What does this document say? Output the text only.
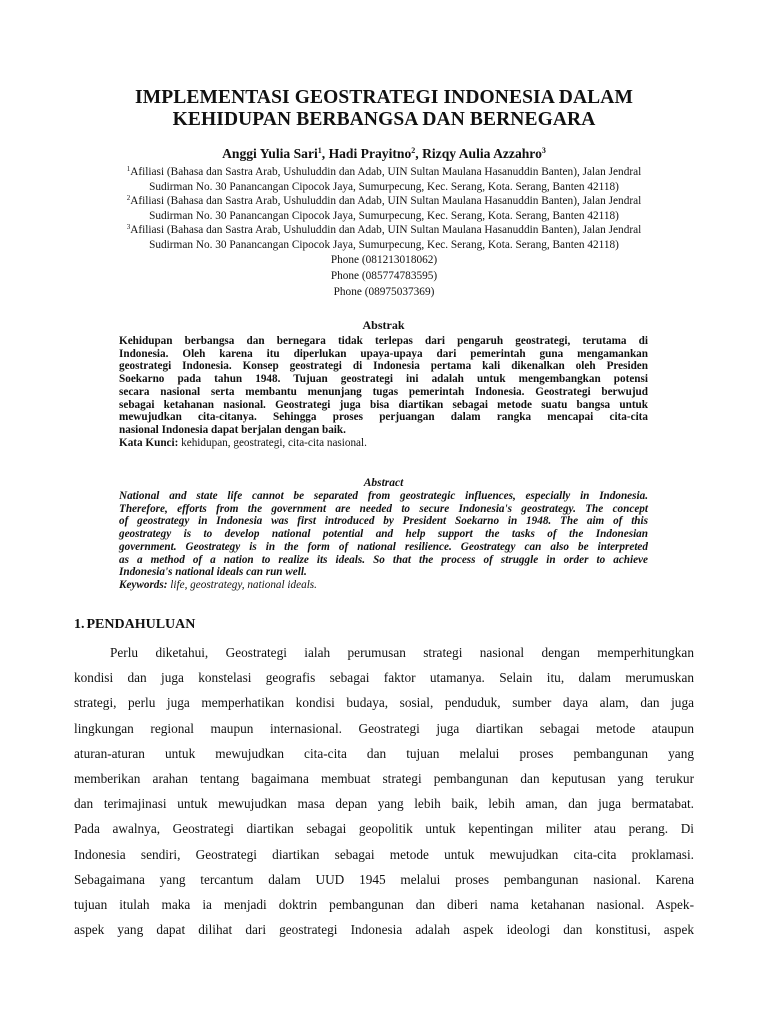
IMPLEMENTASI GEOSTRATEGI INDONESIA DALAM
KEHIDUPAN BERBANGSA DAN BERNEGARA
Anggi Yulia Sari$^1$, Hadi Prayitno$^2$, Rizqy Aulia Azzahro$^3$
$^1$Afiliasi (Bahasa dan Sastra Arab, Ushuluddin dan Adab, UIN Sultan Maulana Hasanuddin Banten), Jalan Jendral
Sudirman No. 30 Panancangan Cipocok Jaya, Sumurpecung, Kec. Serang, Kota. Serang, Banten 42118)
$^2$Afiliasi (Bahasa dan Sastra Arab, Ushuluddin dan Adab, UIN Sultan Maulana Hasanuddin Banten), Jalan Jendral
Sudirman No. 30 Panancangan Cipocok Jaya, Sumurpecung, Kec. Serang, Kota. Serang, Banten 42118)
$^3$Afiliasi (Bahasa dan Sastra Arab, Ushuluddin dan Adab, UIN Sultan Maulana Hasanuddin Banten), Jalan Jendral
Sudirman No. 30 Panancangan Cipocok Jaya, Sumurpecung, Kec. Serang, Kota. Serang, Banten 42118)
Phone (081213018062)
Phone (085774783595)
Phone (08975037369)
Abstrak
Kehidupan berbangsa dan bernegara tidak terlepas dari pengaruh geostrategi, terutama di
Indonesia. Oleh karena itu diperlukan upaya-upaya dari pemerintah guna mengamankan
geostrategi Indonesia. Konsep geostrategi di Indonesia pertama kali dikenalkan oleh Presiden
Soekarno pada tahun 1948. Tujuan geostrategi ini adalah untuk mengembangkan potensi
secara nasional serta membantu menunjang tugas pemerintah Indonesia. Geostrategi berwujud
sebagai ketahanan nasional. Geostrategi juga bisa diartikan sebagai metode suatu bangsa untuk
mewujudkan cita-citanya. Sehingga proses perjuangan dalam rangka mencapai cita-cita
nasional Indonesia dapat berjalan dengan baik.
Kata Kunci: kehidupan, geostrategi, cita-cita nasional.
Abstract
National and state life cannot be separated from geostrategic influences, especially in Indonesia.
Therefore, efforts from the government are needed to secure Indonesia's geostrategy. The concept
of geostrategy in Indonesia was first introduced by President Soekarno in 1948. The aim of this
geostrategy is to develop national potential and help support the tasks of the Indonesian
government. Geostrategy is in the form of national resilience. Geostrategy can also be interpreted
as a method of a nation to realize its ideals. So that the process of struggle in order to achieve
Indonesia's national ideals can run well.
Keywords: life, geostrategy, national ideals.
1. PENDAHULUAN
Perlu diketahui, Geostrategi ialah perumusan strategi nasional dengan memperhitungkan
kondisi dan juga konstelasi geografis sebagai faktor utamanya. Selain itu, dalam merumuskan
strategi, perlu juga memperhatikan kondisi budaya, sosial, penduduk, sumber daya alam, dan juga
lingkungan regional maupun internasional. Geostrategi juga diartikan sebagai metode ataupun
aturan-aturan untuk mewujudkan cita-cita dan tujuan melalui proses pembangunan yang
memberikan arahan tentang bagaimana membuat strategi pembangunan dan keputusan yang terukur
dan terimajinasi untuk mewujudkan masa depan yang lebih baik, lebih aman, dan juga bermatabat.
Pada awalnya, Geostrategi diartikan sebagai geopolitik untuk kepentingan militer atau perang. Di
Indonesia sendiri, Geostrategi diartikan sebagai metode untuk mewujudkan cita-cita proklamasi.
Sebagaimana yang tercantum dalam UUD 1945 melalui proses pembangunan nasional. Karena
tujuan itulah maka ia menjadi doktrin pembangunan dan diberi nama ketahanan nasional. Aspek-
aspek yang dapat dilihat dari geostrategi Indonesia adalah aspek ideologi dan konstitusi, aspek
